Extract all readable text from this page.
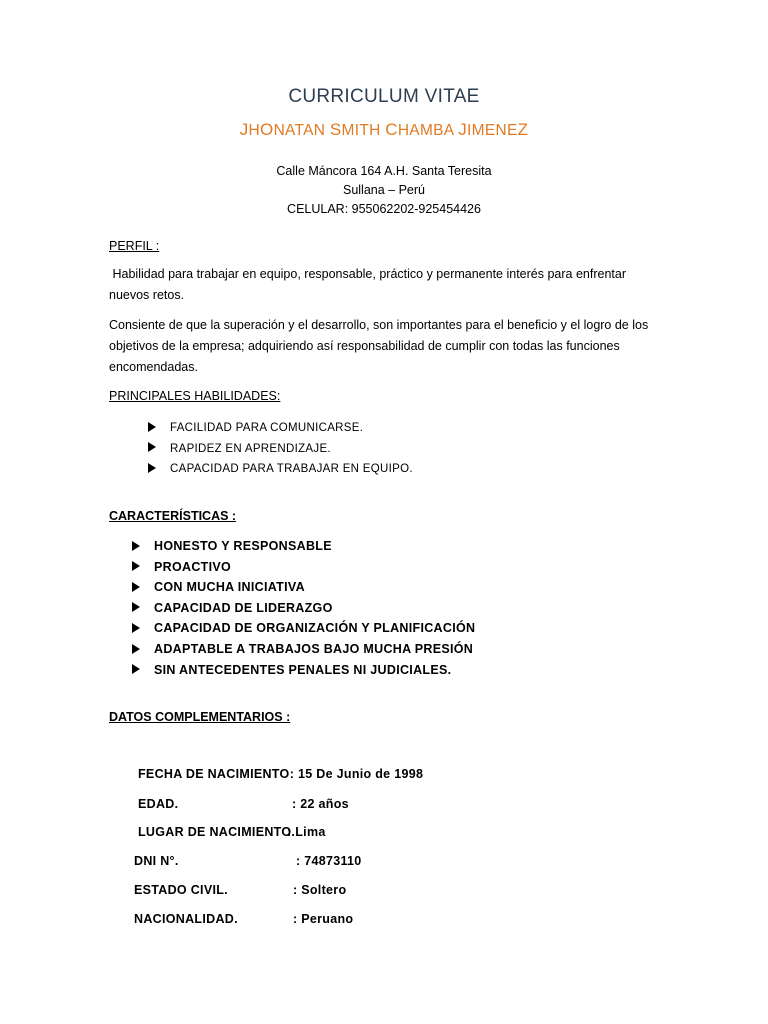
CURRICULUM VITAE
JHONATAN SMITH CHAMBA JIMENEZ
Calle Máncora 164 A.H. Santa Teresita
Sullana – Perú
CELULAR: 955062202-925454426
PERFIL :
Habilidad para trabajar en equipo, responsable, práctico y permanente interés para enfrentar nuevos retos.
Consiente de que la superación y el desarrollo, son importantes para el beneficio y el logro de los objetivos de la empresa; adquiriendo así responsabilidad de cumplir con todas las funciones encomendadas.
PRINCIPALES HABILIDADES:
FACILIDAD PARA COMUNICARSE.
RAPIDEZ EN APRENDIZAJE.
CAPACIDAD PARA TRABAJAR EN EQUIPO.
CARACTERÍSTICAS :
HONESTO Y RESPONSABLE
PROACTIVO
CON MUCHA INICIATIVA
CAPACIDAD DE LIDERAZGO
CAPACIDAD DE ORGANIZACIÓN Y PLANIFICACIÓN
ADAPTABLE A TRABAJOS BAJO MUCHA PRESIÓN
SIN ANTECEDENTES PENALES NI JUDICIALES.
DATOS COMPLEMENTARIOS :
FECHA DE NACIMIENTO
: 15 De Junio de 1998
EDAD.	: 22 años
LUGAR DE NACIMIENTO.
: Lima
DNI N°.	: 74873110
ESTADO CIVIL.	: Soltero
NACIONALIDAD.	: Peruano
